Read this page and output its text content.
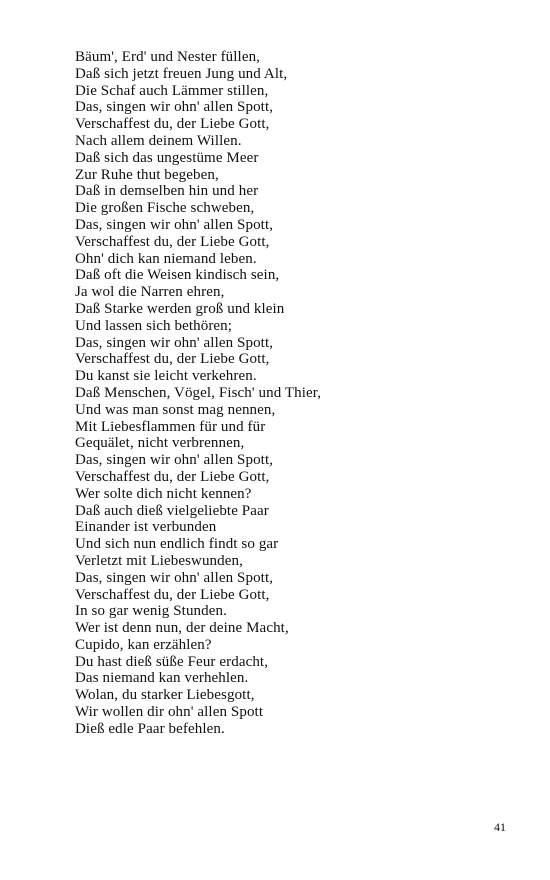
Bäum', Erd' und Nester füllen,
Daß sich jetzt freuen Jung und Alt,
Die Schaf auch Lämmer stillen,
Das, singen wir ohn' allen Spott,
Verschaffest du, der Liebe Gott,
Nach allem deinem Willen.
Daß sich das ungestüme Meer
Zur Ruhe thut begeben,
Daß in demselben hin und her
Die großen Fische schweben,
Das, singen wir ohn' allen Spott,
Verschaffest du, der Liebe Gott,
Ohn' dich kan niemand leben.
Daß oft die Weisen kindisch sein,
Ja wol die Narren ehren,
Daß Starke werden groß und klein
Und lassen sich bethören;
Das, singen wir ohn' allen Spott,
Verschaffest du, der Liebe Gott,
Du kanst sie leicht verkehren.
Daß Menschen, Vögel, Fisch' und Thier,
Und was man sonst mag nennen,
Mit Liebesflammen für und für
Gequälet, nicht verbrennen,
Das, singen wir ohn' allen Spott,
Verschaffest du, der Liebe Gott,
Wer solte dich nicht kennen?
Daß auch dieß vielgeliebte Paar
Einander ist verbunden
Und sich nun endlich findt so gar
Verletzt mit Liebeswunden,
Das, singen wir ohn' allen Spott,
Verschaffest du, der Liebe Gott,
In so gar wenig Stunden.
Wer ist denn nun, der deine Macht,
Cupido, kan erzählen?
Du hast dieß süße Feur erdacht,
Das niemand kan verhehlen.
Wolan, du starker Liebesgott,
Wir wollen dir ohn' allen Spott
Dieß edle Paar befehlen.
41
